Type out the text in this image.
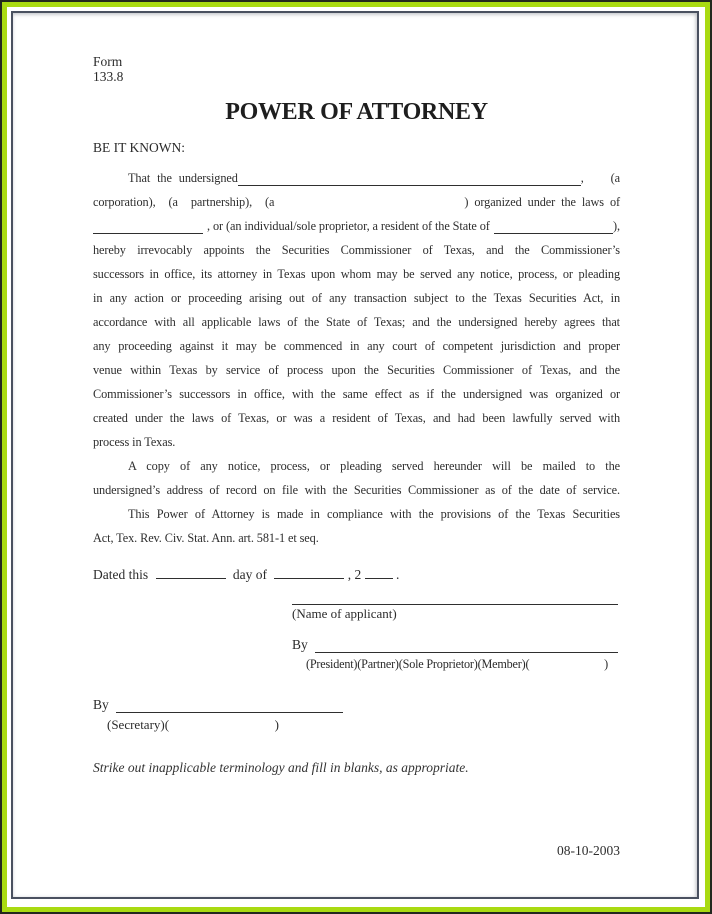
Form
133.8
POWER OF ATTORNEY
BE IT KNOWN:
That the undersigned	, (a
corporation), (a partnership), (a	) organized under the laws of
, or (an individual/sole proprietor, a resident of the State of	),
hereby irrevocably appoints the Securities Commissioner of Texas, and the Commissioner’s
successors in office, its attorney in Texas upon whom may be served any notice, process, or pleading
in any action or proceeding arising out of any transaction subject to the Texas Securities Act, in
accordance with all applicable laws of the State of Texas; and the undersigned hereby agrees that
any proceeding against it may be commenced in any court of competent jurisdiction and proper
venue within Texas by service of process upon the Securities Commissioner of Texas, and the
Commissioner’s successors in office, with the same effect as if the undersigned was organized or
created under the laws of Texas, or was a resident of Texas, and had been lawfully served with
process in Texas.
A copy of any notice, process, or pleading served hereunder will be mailed to the
undersigned’s address of record on file with the Securities Commissioner as of the date of service.
This Power of Attorney is made in compliance with the provisions of the Texas Securities
Act, Tex. Rev. Civ. Stat. Ann. art. 581-1 et seq.
Dated this	day of	, 2	.
(Name of applicant)
By
(President)(Partner)(Sole Proprietor)(Member)(	)
By
(Secretary)(	)
Strike out inapplicable terminology and fill in blanks, as appropriate.
08-10-2003
